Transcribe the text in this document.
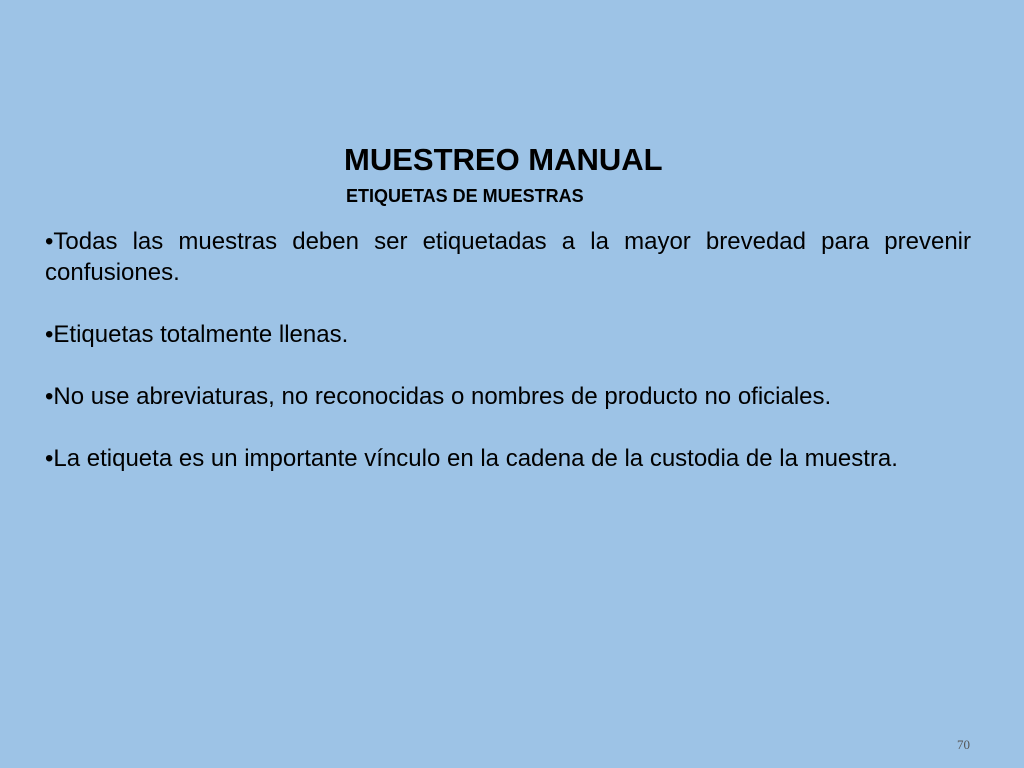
MUESTREO MANUAL
ETIQUETAS DE MUESTRAS
•Todas las muestras deben ser etiquetadas a la mayor brevedad para prevenir confusiones.
•Etiquetas totalmente llenas.
•No use abreviaturas, no reconocidas o nombres de producto no oficiales.
•La etiqueta es un importante vínculo en la cadena de la custodia de la muestra.
70
